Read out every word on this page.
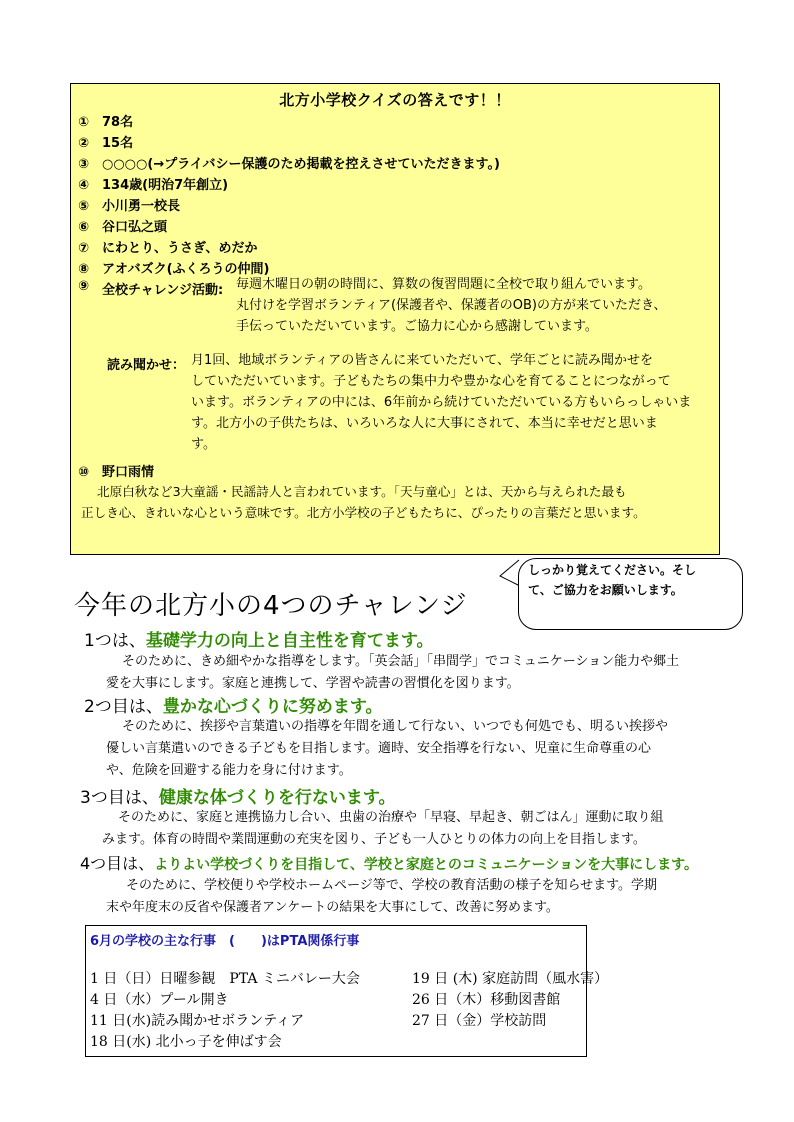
北方小学校クイズの答えです！！
① 78名
② 15名
③ ○○○○(→プライバシー保護のため掲載を控えさせていただきます。)
④ 134歳(明治7年創立)
⑤ 小川勇一校長
⑥ 谷口弘之頭
⑦ にわとり、うさぎ、めだか
⑧ アオバズク(ふくろうの仲間)
⑨ 全校チャレンジ活動: 毎週木曜日の朝の時間に、算数の復習問題に全校で取り組んでいます。
丸付けを学習ボランティア(保護者や、保護者のOB)の方が来ていただき、
手伝っていただいています。ご協力に心から感謝しています。
読み聞かせ： 月1回、地域ボランティアの皆さんに来ていただいて、学年ごとに読み聞かせを
していただいています。子どもたちの集中力や豊かな心を育てることにつながって
います。ボランティアの中には、6年前から続けていただいている方もいらっしゃいま
す。北方小の子供たちは、いろいろな人に大事にされて、本当に幸せだと思いま
す。
⑩ 野口雨情
北原白秋など3大童謡・民謡詩人と言われています。「天与童心」とは、天から与えられた最も
正しき心、きれいな心という意味です。北方小学校の子どもたちに、ぴったりの言葉だと思います。
しっかり覚えてください。そし
て、ご協力をお願いします。
今年の北方小の4つのチャレンジ
1つは、基礎学力の向上と自主性を育てます。
そのために、きめ細やかな指導をします。「英会話」「串間学」でコミュニケーション能力や郷土
愛を大事にします。家庭と連携して、学習や読書の習慣化を図ります。
2つ目は、豊かな心づくりに努めます。
そのために、挨拶や言葉遣いの指導を年間を通して行ない、いつでも何処でも、明るい挨拶や
優しい言葉遣いのできる子どもを目指します。適時、安全指導を行ない、児童に生命尊重の心
や、危険を回避する能力を身に付けます。
3つ目は、健康な体づくりを行ないます。
そのために、家庭と連携協力し合い、虫歯の治療や「早寝、早起き、朝ごはん」運動に取り組
みます。体育の時間や業間運動の充実を図り、子ども一人ひとりの体力の向上を目指します。
4つ目は、よりよい学校づくりを目指して、学校と家庭とのコミュニケーションを大事にします。
そのために、学校便りや学校ホームページ等で、学校の教育活動の様子を知らせます。学期
末や年度末の反省や保護者アンケートの結果を大事にして、改善に努めます。
6月の学校の主な行事　(　　)はPTA関係行事
1 日（日）日曜参観　PTA ミニバレー大会
4 日（水）プール開き
11 日(水)読み聞かせボランティア
18 日(水) 北小っ子を伸ばす会
19 日 (木) 家庭訪問（風水害）
26 日（木）移動図書館
27 日（金）学校訪問
